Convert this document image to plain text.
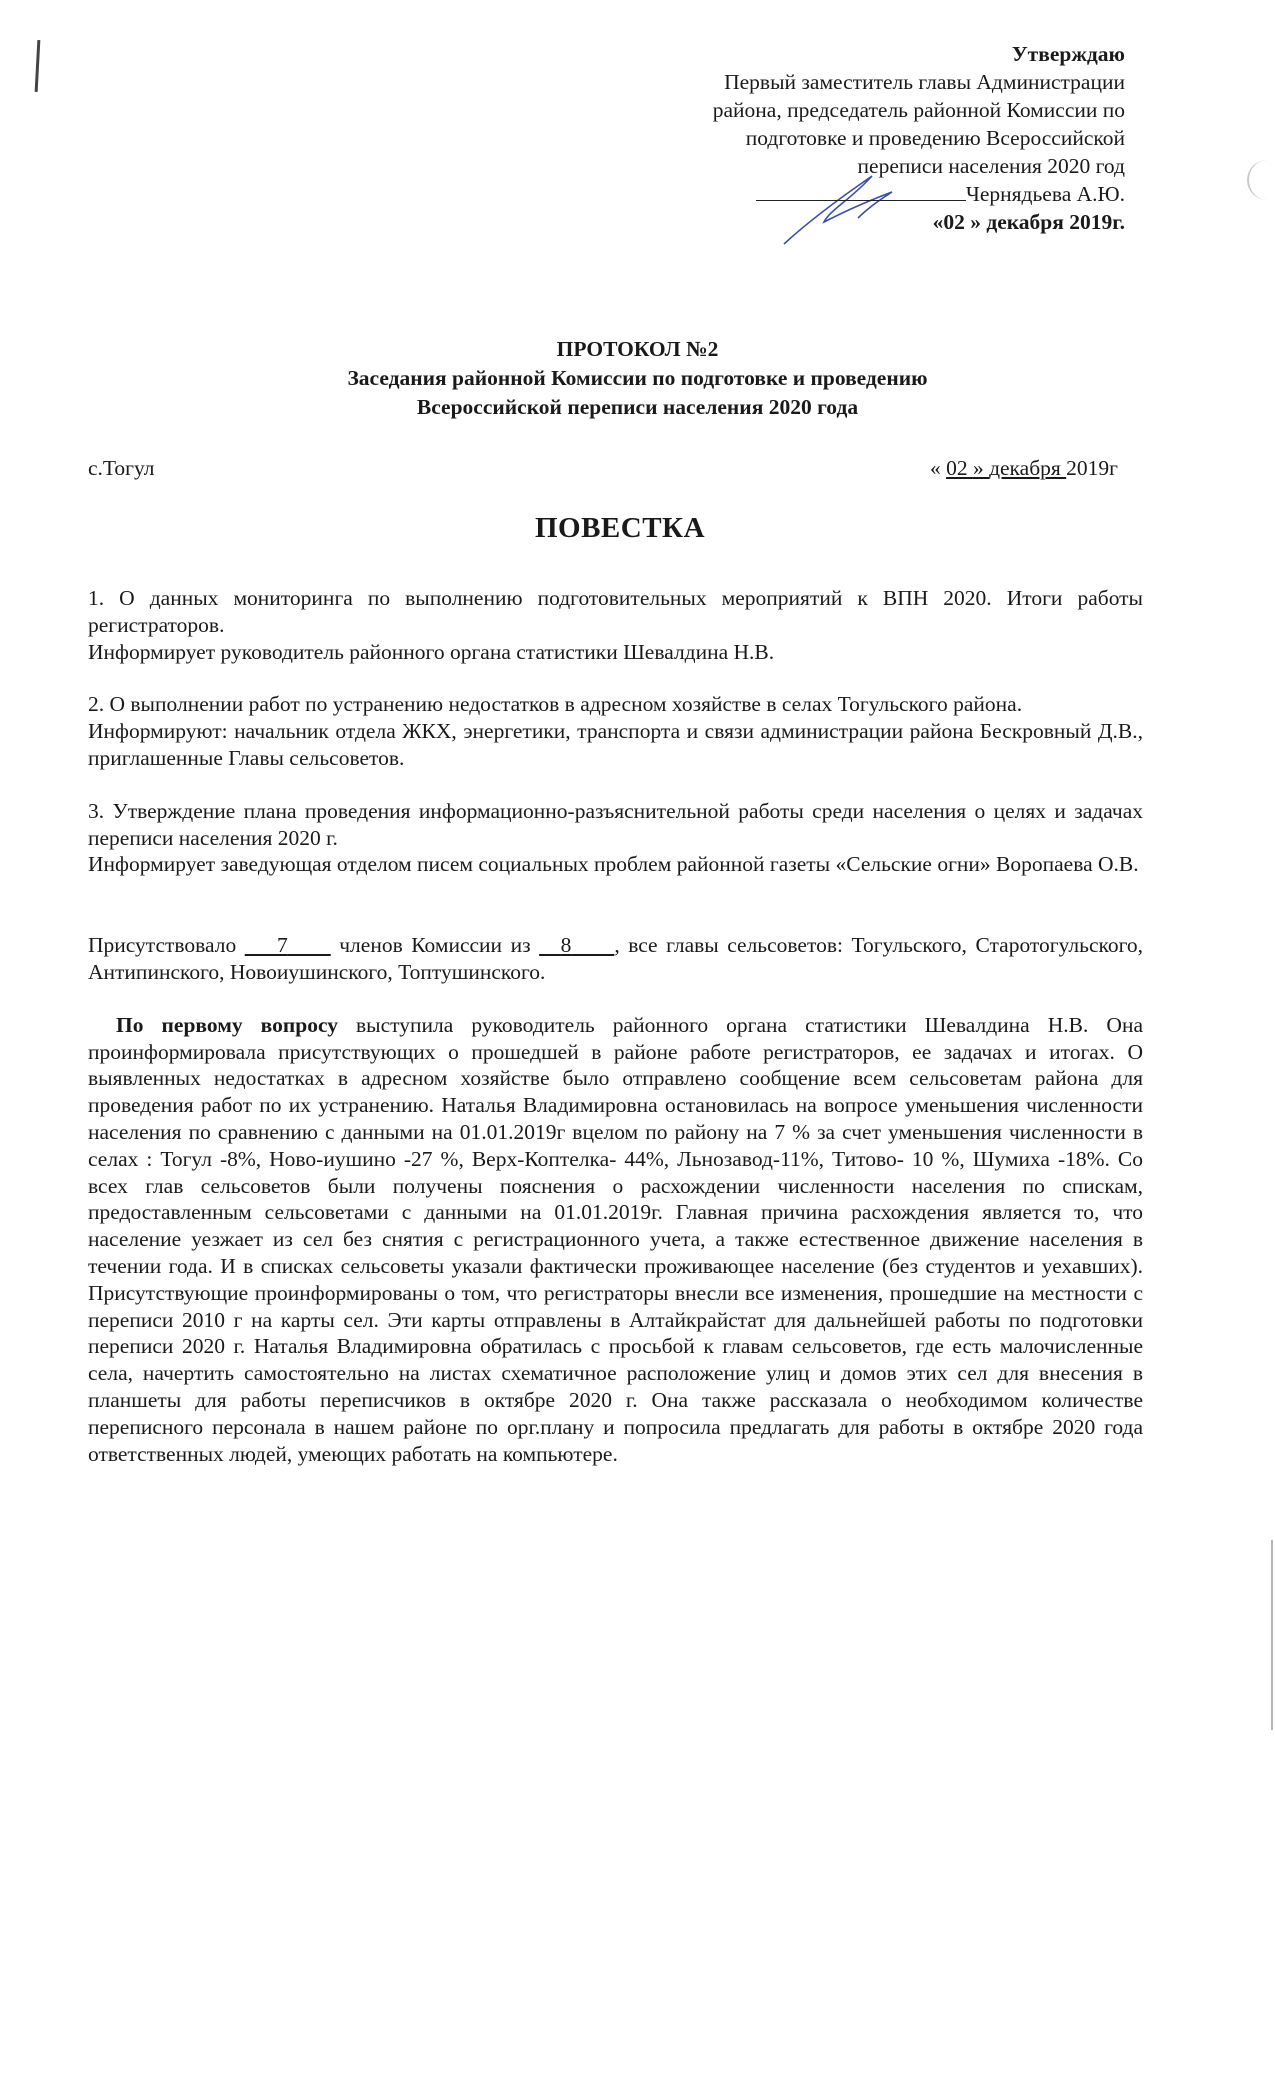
Утверждаю
Первый заместитель главы Администрации
района, председатель районной Комиссии по
подготовке и проведению Всероссийской
переписи населения 2020 год
Чернядьева А.Ю.
«02 » декабря 2019г.
ПРОТОКОЛ №2
Заседания районной Комиссии по подготовке и проведению
Всероссийской переписи населения 2020 года
с.Тогул	« 02 » декабря 2019г
ПОВЕСТКА

1. О данных мониторинга по выполнению подготовительных мероприятий к ВПН 2020. Итоги работы регистраторов.

Информирует руководитель районного органа статистики Шевалдина Н.В.

2. О выполнении работ по устранению недостатков в адресном хозяйстве в селах Тогульского района.

Информируют: начальник отдела ЖКХ, энергетики, транспорта и связи администрации района Бескровный Д.В., приглашенные Главы сельсоветов.

3. Утверждение плана проведения информационно-разъяснительной работы среди населения о целях и задачах переписи населения 2020 г.

Информирует заведующая отделом писем социальных проблем районной газеты «Сельские огни» Воропаева О.В.

Присутствовало    7     членов Комиссии из   8     , все главы сельсоветов: Тогульского, Старотогульского, Антипинского, Новоиушинского, Топтушинского.

По первому вопросу выступила руководитель районного органа статистики Шевалдина Н.В. Она проинформировала присутствующих о прошедшей в районе работе регистраторов, ее задачах и итогах. О выявленных недостатках в адресном хозяйстве было отправлено сообщение всем сельсоветам района для проведения работ по их устранению. Наталья Владимировна остановилась на вопросе уменьшения численности населения по сравнению с данными на 01.01.2019г вцелом по району на 7 % за счет уменьшения численности в селах : Тогул -8%, Ново-иушино -27 %, Верх-Коптелка- 44%, Льнозавод-11%, Титово- 10 %, Шумиха -18%. Со всех глав сельсоветов были получены пояснения о расхождении численности населения по спискам, предоставленным сельсоветами с данными на 01.01.2019г. Главная причина расхождения является то, что население уезжает из сел без снятия с регистрационного учета, а также естественное движение населения в течении года. И в списках сельсоветы указали фактически проживающее население (без студентов и уехавших). Присутствующие проинформированы о том, что регистраторы внесли все изменения, прошедшие на местности с переписи 2010 г на карты сел. Эти карты отправлены в Алтайкрайстат для дальнейшей работы по подготовки переписи 2020 г. Наталья Владимировна обратилась с просьбой к главам сельсоветов, где есть малочисленные села, начертить самостоятельно на листах схематичное расположение улиц и домов этих сел для внесения в планшеты для работы переписчиков в октябре 2020 г. Она также рассказала о необходимом количестве переписного персонала в нашем районе по орг.плану и попросила предлагать для работы в октябре 2020 года ответственных людей, умеющих работать на компьютере.
